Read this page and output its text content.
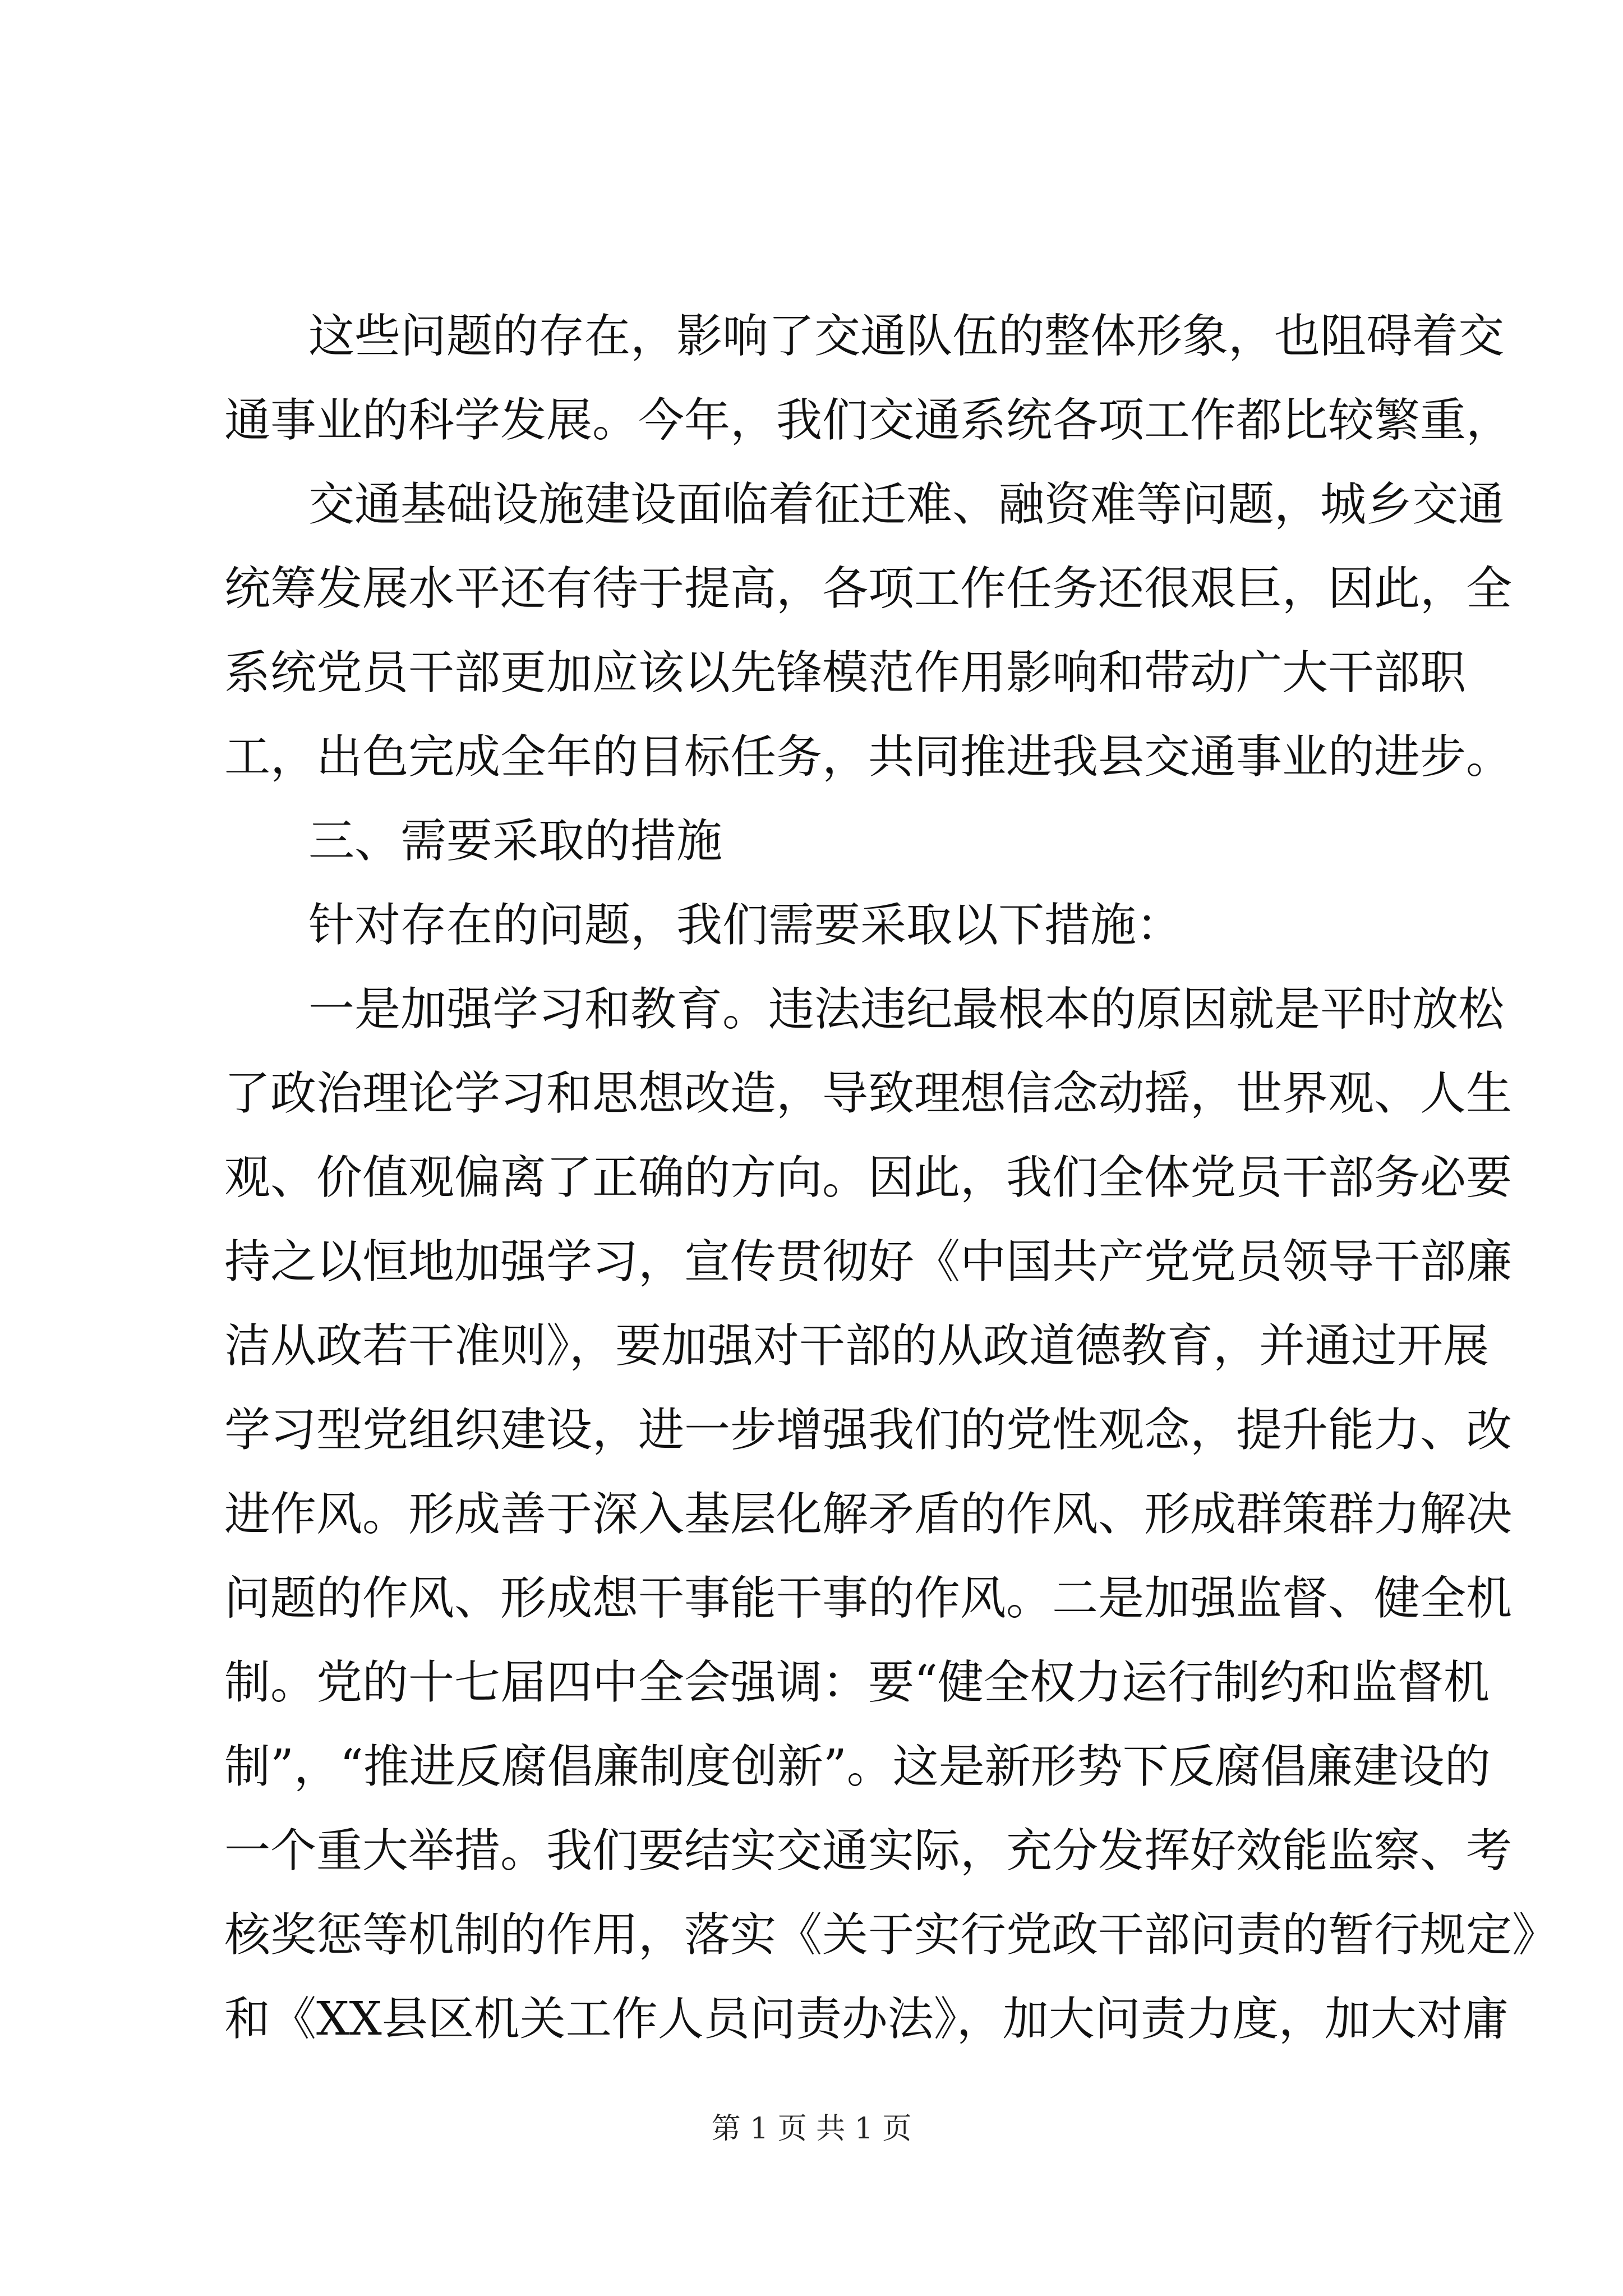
这些问题的存在，影响了交通队伍的整体形象，也阻碍着交
通事业的科学发展。今年，我们交通系统各项工作都比较繁重，
交通基础设施建设面临着征迁难、融资难等问题，城乡交通
统筹发展水平还有待于提高，各项工作任务还很艰巨，因此，全
系统党员干部更加应该以先锋模范作用影响和带动广大干部职
工，出色完成全年的目标任务，共同推进我县交通事业的进步。
三、需要采取的措施
针对存在的问题，我们需要采取以下措施：
一是加强学习和教育。违法违纪最根本的原因就是平时放松
了政治理论学习和思想改造，导致理想信念动摇，世界观、人生
观、价值观偏离了正确的方向。因此，我们全体党员干部务必要
持之以恒地加强学习，宣传贯彻好《中国共产党党员领导干部廉
洁从政若干准则》，要加强对干部的从政道德教育，并通过开展
学习型党组织建设，进一步增强我们的党性观念，提升能力、改
进作风。形成善于深入基层化解矛盾的作风、形成群策群力解决
问题的作风、形成想干事能干事的作风。二是加强监督、健全机
制。党的十七届四中全会强调：要“健全权力运行制约和监督机
制”，“推进反腐倡廉制度创新”。这是新形势下反腐倡廉建设的
一个重大举措。我们要结实交通实际，充分发挥好效能监察、考
核奖惩等机制的作用，落实《关于实行党政干部问责的暂行规定》
和《XX县区机关工作人员问责办法》，加大问责力度，加大对庸
第 1 页 共 1 页
